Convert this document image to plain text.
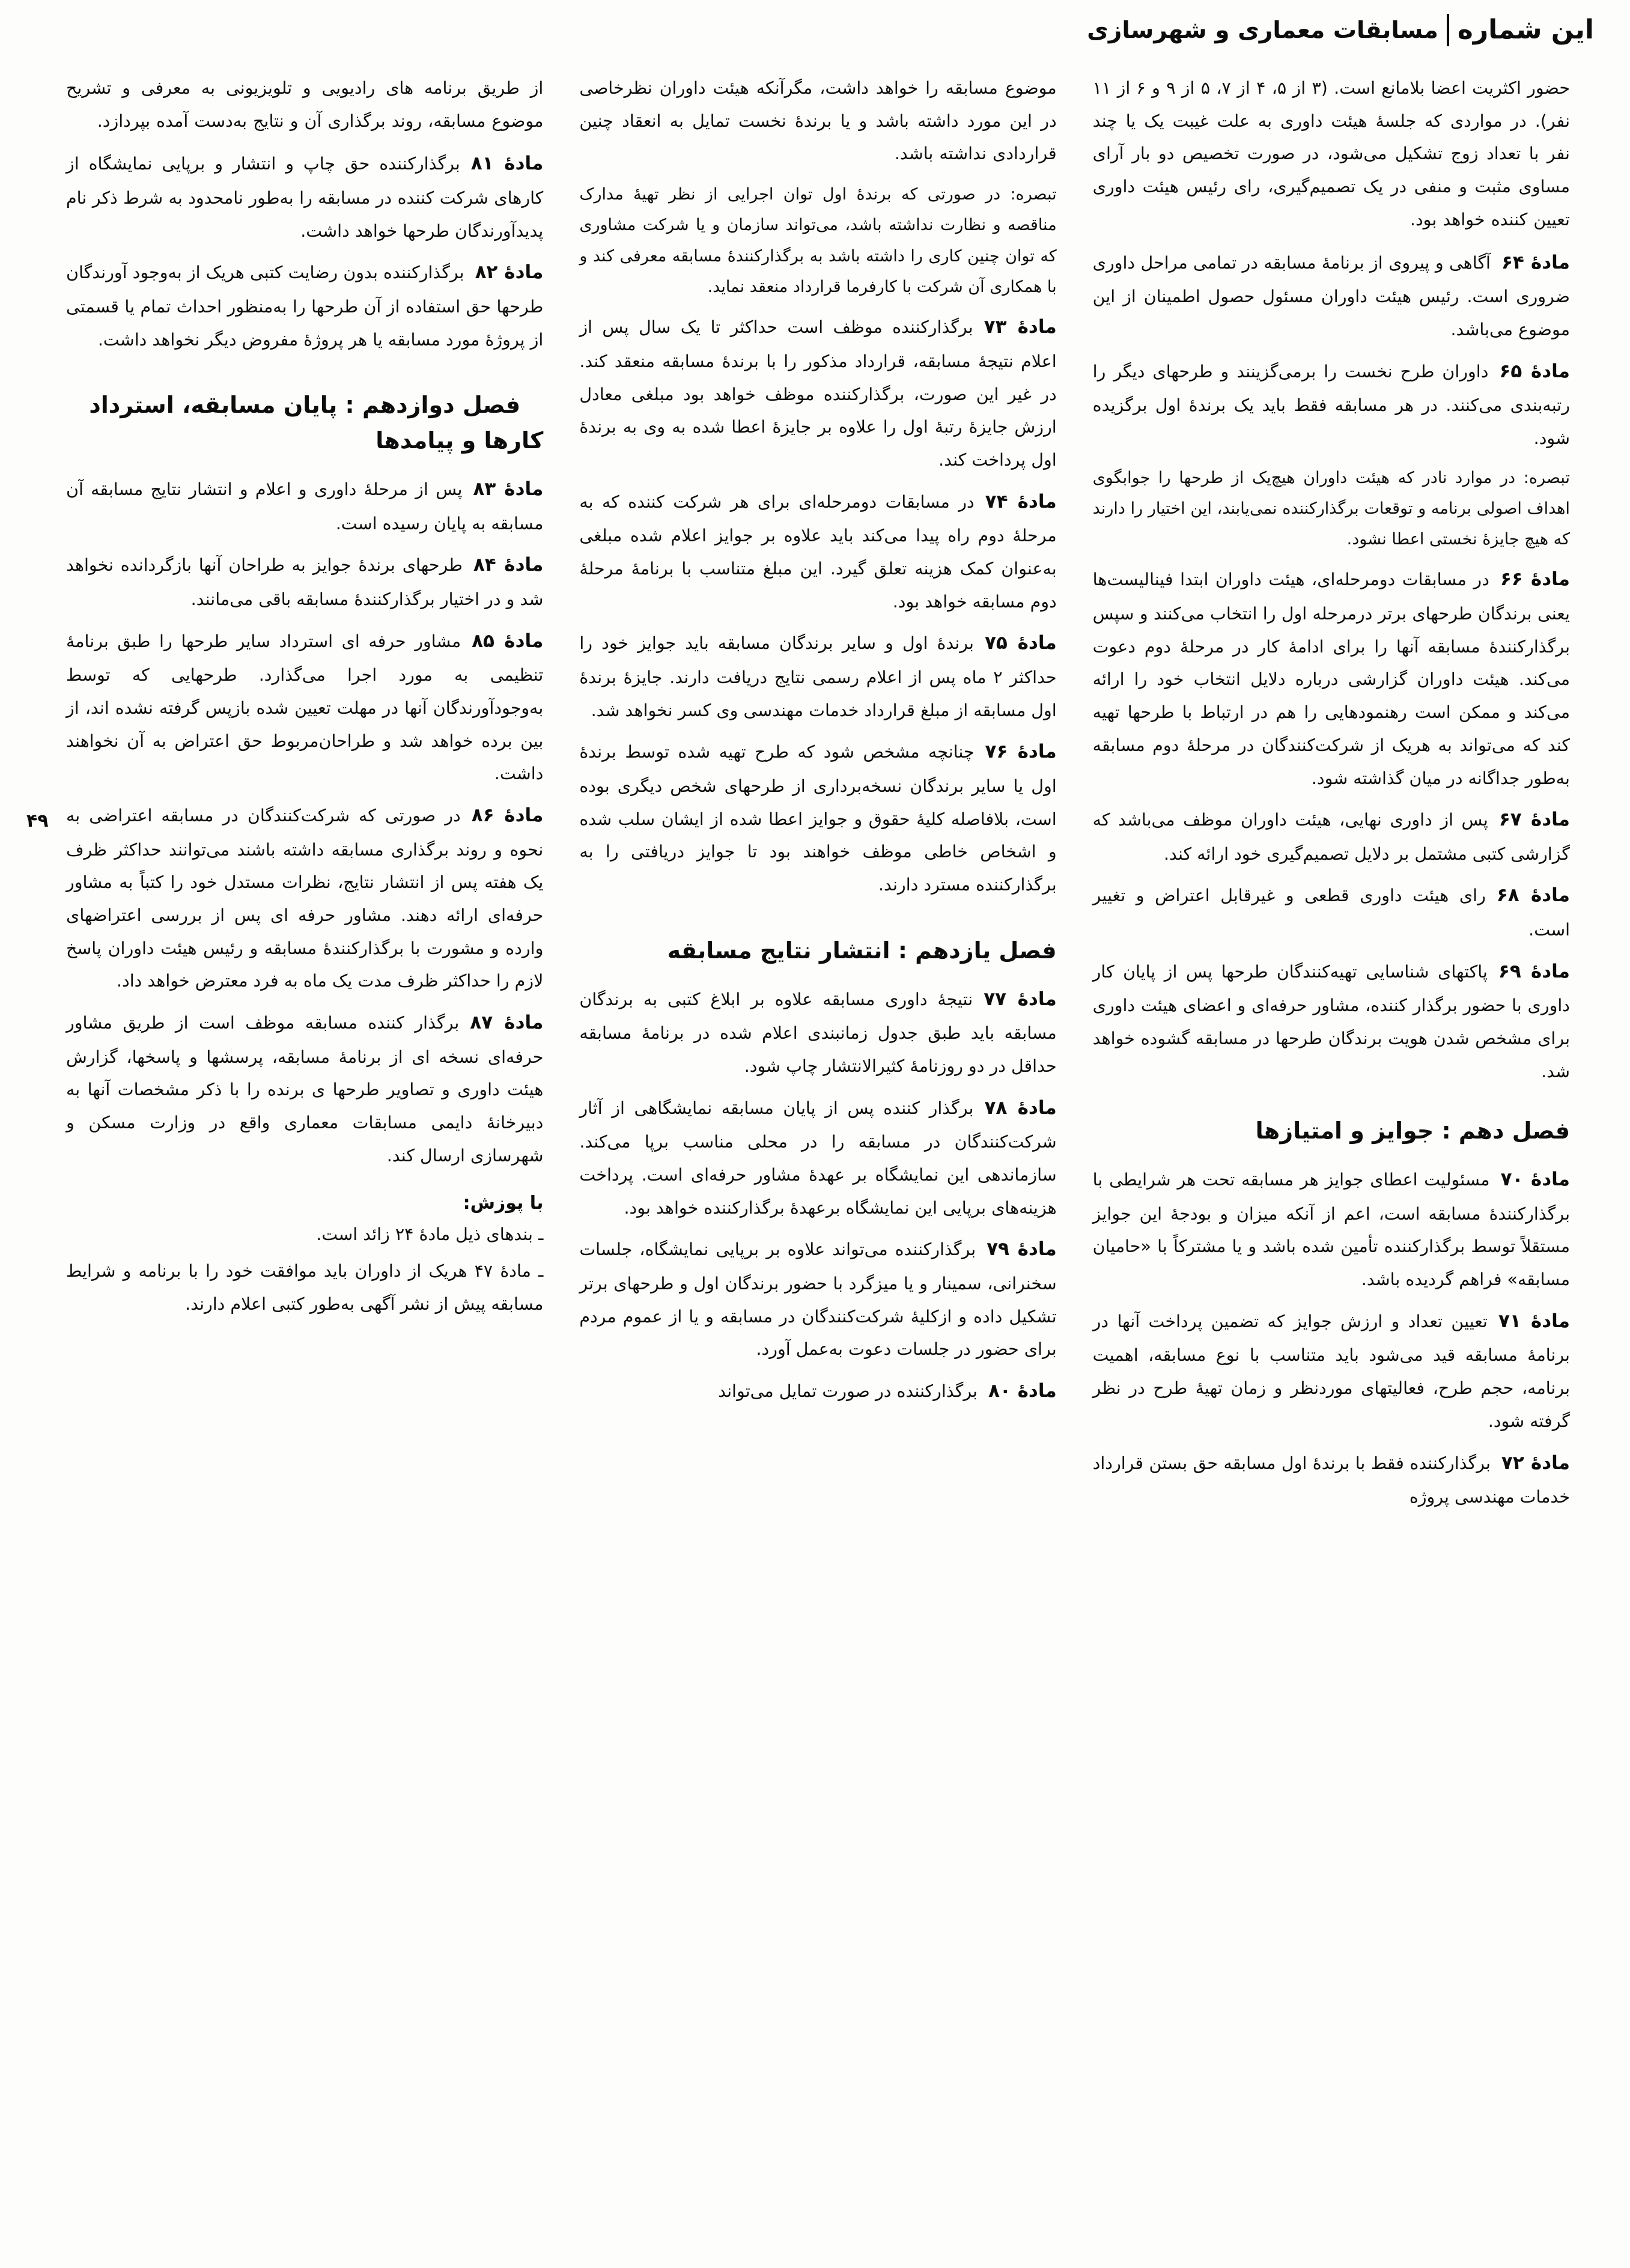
این شماره
مسابقات معماری و شهرسازی
۴۹

حضور اکثریت اعضا بلامانع است. (۳ از ۵، ۴ از ۷، ۵ از ۹ و ۶ از ۱۱ نفر). در مواردی که جلسهٔ هیئت داوری به علت غیبت یک یا چند نفر با تعداد زوج تشکیل می‌شود، در صورت تخصیص دو بار آرای مساوی مثبت و منفی در یک تصمیم‌گیری، رای رئیس هیئت داوری تعیین کننده خواهد بود.

مادهٔ ۶۴آگاهی و پیروی از برنامهٔ مسابقه در تمامی مراحل داوری ضروری است. رئیس هیئت داوران مسئول حصول اطمینان از این موضوع می‌باشد.

مادهٔ ۶۵داوران طرح نخست را برمی‌گزینند و طرحهای دیگر را رتبه‌بندی می‌کنند. در هر مسابقه فقط باید یک برندهٔ اول برگزیده شود.

تبصره: در موارد نادر که هیئت داوران هیچ‌یک از طرحها را جوابگوی اهداف اصولی برنامه و توقعات برگذارکننده نمی‌یابند، این اختیار را دارند که هیچ جایزهٔ نخستی اعطا نشود.

مادهٔ ۶۶در مسابقات دومرحله‌ای، هیئت داوران ابتدا فینالیست‌ها یعنی برندگان طرحهای برتر درمرحله اول را انتخاب می‌کنند و سپس برگذارکنندهٔ مسابقه آنها را برای ادامهٔ کار در مرحلهٔ دوم دعوت می‌کند. هیئت داوران گزارشی درباره دلایل انتخاب خود را ارائه می‌کند و ممکن است رهنمودهایی را هم در ارتباط با طرحها تهیه کند که می‌تواند به هریک از شرکت‌کنندگان در مرحلهٔ دوم مسابقه به‌طور جداگانه در میان گذاشته شود.

مادهٔ ۶۷پس از داوری نهایی، هیئت داوران موظف می‌باشد که گزارشی کتبی مشتمل بر دلایل تصمیم‌گیری خود ارائه کند.

مادهٔ ۶۸رای هیئت داوری قطعی و غیرقابل اعتراض و تغییر است.

مادهٔ ۶۹پاکتهای شناسایی تهیه‌کنندگان طرحها پس از پایان کار داوری با حضور برگذار کننده، مشاور حرفه‌ای و اعضای هیئت داوری برای مشخص شدن هویت برندگان طرحها در مسابقه گشوده خواهد شد.

فصل دهم : جوایز و امتیازها

مادهٔ ۷۰مسئولیت اعطای جوایز هر مسابقه تحت هر شرایطی با برگذارکنندهٔ مسابقه است، اعم از آنکه میزان و بودجهٔ این جوایز مستقلاً توسط برگذارکننده تأمین شده باشد و یا مشترکاً با «حامیان مسابقه» فراهم گردیده باشد.

مادهٔ ۷۱تعیین تعداد و ارزش جوایز که تضمین پرداخت آنها در برنامهٔ مسابقه قید می‌شود باید متناسب با نوع مسابقه، اهمیت برنامه، حجم طرح، فعالیتهای موردنظر و زمان تهیهٔ طرح در نظر گرفته شود.

مادهٔ ۷۲برگذارکننده فقط با برندهٔ اول مسابقه حق بستن قرارداد خدمات مهندسی پروژه

موضوع مسابقه را خواهد داشت، مگرآنکه هیئت داوران نظرخاصی در این مورد داشته باشد و یا برندهٔ نخست تمایل به انعقاد چنین قراردادی نداشته باشد.

تبصره: در صورتی که برندهٔ اول توان اجرایی از نظر تهیهٔ مدارک مناقصه و نظارت نداشته باشد، می‌تواند سازمان و یا شرکت مشاوری که توان چنین کاری را داشته باشد به برگذارکنندهٔ مسابقه معرفی کند و با همکاری آن شرکت با کارفرما قرارداد منعقد نماید.

مادهٔ ۷۳برگذارکننده موظف است حداکثر تا یک سال پس از اعلام نتیجهٔ مسابقه، قرارداد مذکور را با برندهٔ مسابقه منعقد کند. در غیر این صورت، برگذارکننده موظف خواهد بود مبلغی معادل ارزش جایزهٔ رتبهٔ اول را علاوه بر جایزهٔ اعطا شده به وی به برندهٔ اول پرداخت کند.

مادهٔ ۷۴در مسابقات دومرحله‌ای برای هر شرکت کننده که به مرحلهٔ دوم راه پیدا می‌کند باید علاوه بر جوایز اعلام شده مبلغی به‌عنوان کمک هزینه تعلق گیرد. این مبلغ متناسب با برنامهٔ مرحلهٔ دوم مسابقه خواهد بود.

مادهٔ ۷۵برندهٔ اول و سایر برندگان مسابقه باید جوایز خود را حداکثر ۲ ماه پس از اعلام رسمی نتایج دریافت دارند. جایزهٔ برندهٔ اول مسابقه از مبلغ قرارداد خدمات مهندسی وی کسر نخواهد شد.

مادهٔ ۷۶چنانچه مشخص شود که طرح تهیه شده توسط برندهٔ اول یا سایر برندگان نسخه‌برداری از طرحهای شخص دیگری بوده است، بلافاصله کلیهٔ حقوق و جوایز اعطا شده از ایشان سلب شده و اشخاص خاطی موظف خواهند بود تا جوایز دریافتی را به برگذارکننده مسترد دارند.

فصل یازدهم : انتشار نتایج مسابقه

مادهٔ ۷۷نتیجهٔ داوری مسابقه علاوه بر ابلاغ کتبی به برندگان مسابقه باید طبق جدول زمانبندی اعلام شده در برنامهٔ مسابقه حداقل در دو روزنامهٔ کثیرالانتشار چاپ شود.

مادهٔ ۷۸برگذار کننده پس از پایان مسابقه نمایشگاهی از آثار شرکت‌کنندگان در مسابقه را در محلی مناسب برپا می‌کند. سازماندهی این نمایشگاه بر عهدهٔ مشاور حرفه‌ای است. پرداخت هزینه‌های برپایی این نمایشگاه برعهدهٔ برگذارکننده خواهد بود.

مادهٔ ۷۹برگذارکننده می‌تواند علاوه بر برپایی نمایشگاه، جلسات سخنرانی، سمینار و یا میزگرد با حضور برندگان اول و طرحهای برتر تشکیل داده و ازکلیهٔ شرکت‌کنندگان در مسابقه و یا از عموم مردم برای حضور در جلسات دعوت به‌عمل آورد.

مادهٔ ۸۰برگذارکننده در صورت تمایل می‌تواند

از طریق برنامه های رادیویی و تلویزیونی به معرفی و تشریح موضوع مسابقه، روند برگذاری آن و نتایج به‌دست آمده بپردازد.

مادهٔ ۸۱برگذارکننده حق چاپ و انتشار و برپایی نمایشگاه از کارهای شرکت کننده در مسابقه را به‌طور نامحدود به شرط ذکر نام پدیدآورندگان طرحها خواهد داشت.

مادهٔ ۸۲برگذارکننده بدون رضایت کتبی هریک از به‌وجود آورندگان طرحها حق استفاده از آن طرحها را به‌منظور احداث تمام یا قسمتی از پروژهٔ مورد مسابقه یا هر پروژهٔ مفروض دیگر نخواهد داشت.

فصل دوازدهم : پایان مسابقه، استرداد کارها و پیامدها

مادهٔ ۸۳پس از مرحلهٔ داوری و اعلام و انتشار نتایج مسابقه آن مسابقه به پایان رسیده است.

مادهٔ ۸۴طرحهای برندهٔ جوایز به طراحان آنها بازگردانده نخواهد شد و در اختیار برگذارکنندهٔ مسابقه باقی می‌مانند.

مادهٔ ۸۵مشاور حرفه ای استرداد سایر طرحها را طبق برنامهٔ تنظیمی به مورد اجرا می‌گذارد. طرحهایی که توسط به‌وجودآورندگان آنها در مهلت تعیین شده بازپس گرفته نشده اند، از بین برده خواهد شد و طراحان‌مربوط حق اعتراض به آن نخواهند داشت.

مادهٔ ۸۶در صورتی که شرکت‌کنندگان در مسابقه اعتراضی به نحوه و روند برگذاری مسابقه داشته باشند می‌توانند حداکثر ظرف یک هفته پس از انتشار نتایج، نظرات مستدل خود را کتباً به مشاور حرفه‌ای ارائه دهند. مشاور حرفه ای پس از بررسی اعتراضهای وارده و مشورت با برگذارکنندهٔ مسابقه و رئیس هیئت داوران پاسخ لازم را حداکثر ظرف مدت یک ماه به فرد معترض خواهد داد.

مادهٔ ۸۷برگذار کننده مسابقه موظف است از طریق مشاور حرفه‌ای نسخه ای از برنامهٔ مسابقه، پرسشها و پاسخها، گزارش هیئت داوری و تصاویر طرحها ی برنده را با ذکر مشخصات آنها به دبیرخانهٔ دایمی مسابقات معماری واقع در وزارت مسکن و شهرسازی ارسال کند.

با پوزش:

ـ بندهای ذیل مادهٔ ۲۴ زائد است.

ـ مادهٔ ۴۷ هریک از داوران باید موافقت خود را با برنامه و شرایط مسابقه پیش از نشر آگهی به‌طور کتبی اعلام دارند.
